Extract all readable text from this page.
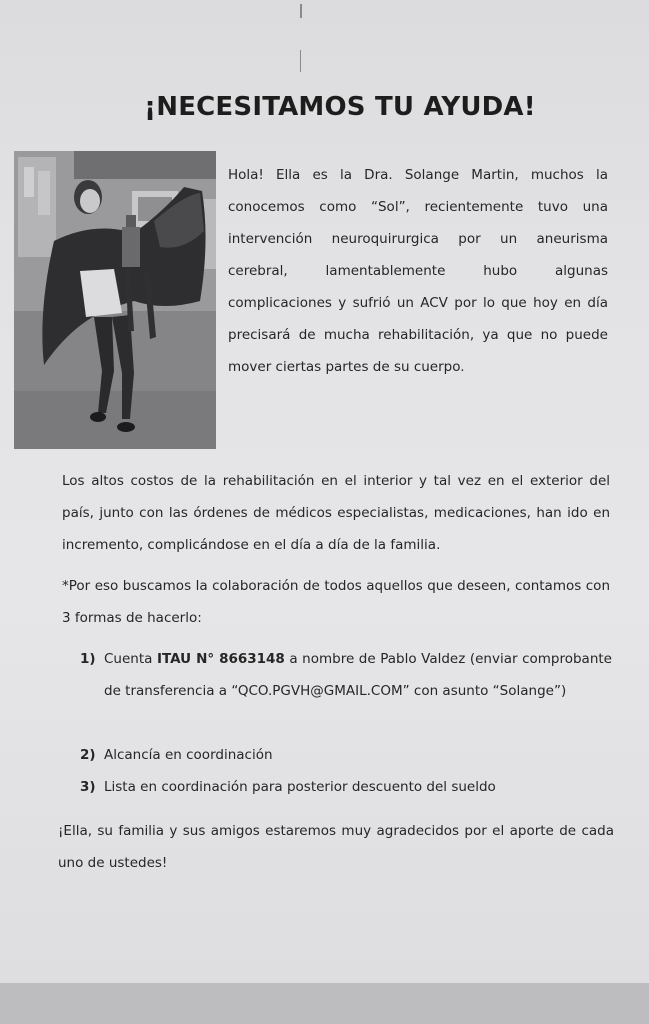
¡NECESITAMOS TU AYUDA!

Hola! Ella es la Dra. Solange Martin, muchos la conocemos como “Sol”, recientemente tuvo una intervención neuroquirurgica por un aneurisma cerebral, lamentablemente hubo algunas complicaciones y sufrió un ACV por lo que hoy en día precisará de mucha rehabilitación, ya que no puede mover ciertas partes de su cuerpo.

Los altos costos de la rehabilitación en el interior y tal vez en el exterior del país, junto con las órdenes de médicos especialistas, medicaciones, han ido en incremento, complicándose en el día a día de la familia.

*Por eso buscamos la colaboración de todos aquellos que deseen, contamos con 3 formas de hacerlo:

1) Cuenta ITAU N° 8663148 a nombre de Pablo Valdez (enviar comprobante de transferencia a “QCO.PGVH@GMAIL.COM” con asunto “Solange”)
2) Alcancía en coordinación
3) Lista en coordinación para posterior descuento del sueldo

¡Ella, su familia y sus amigos estaremos muy agradecidos por el aporte de cada uno de ustedes!
